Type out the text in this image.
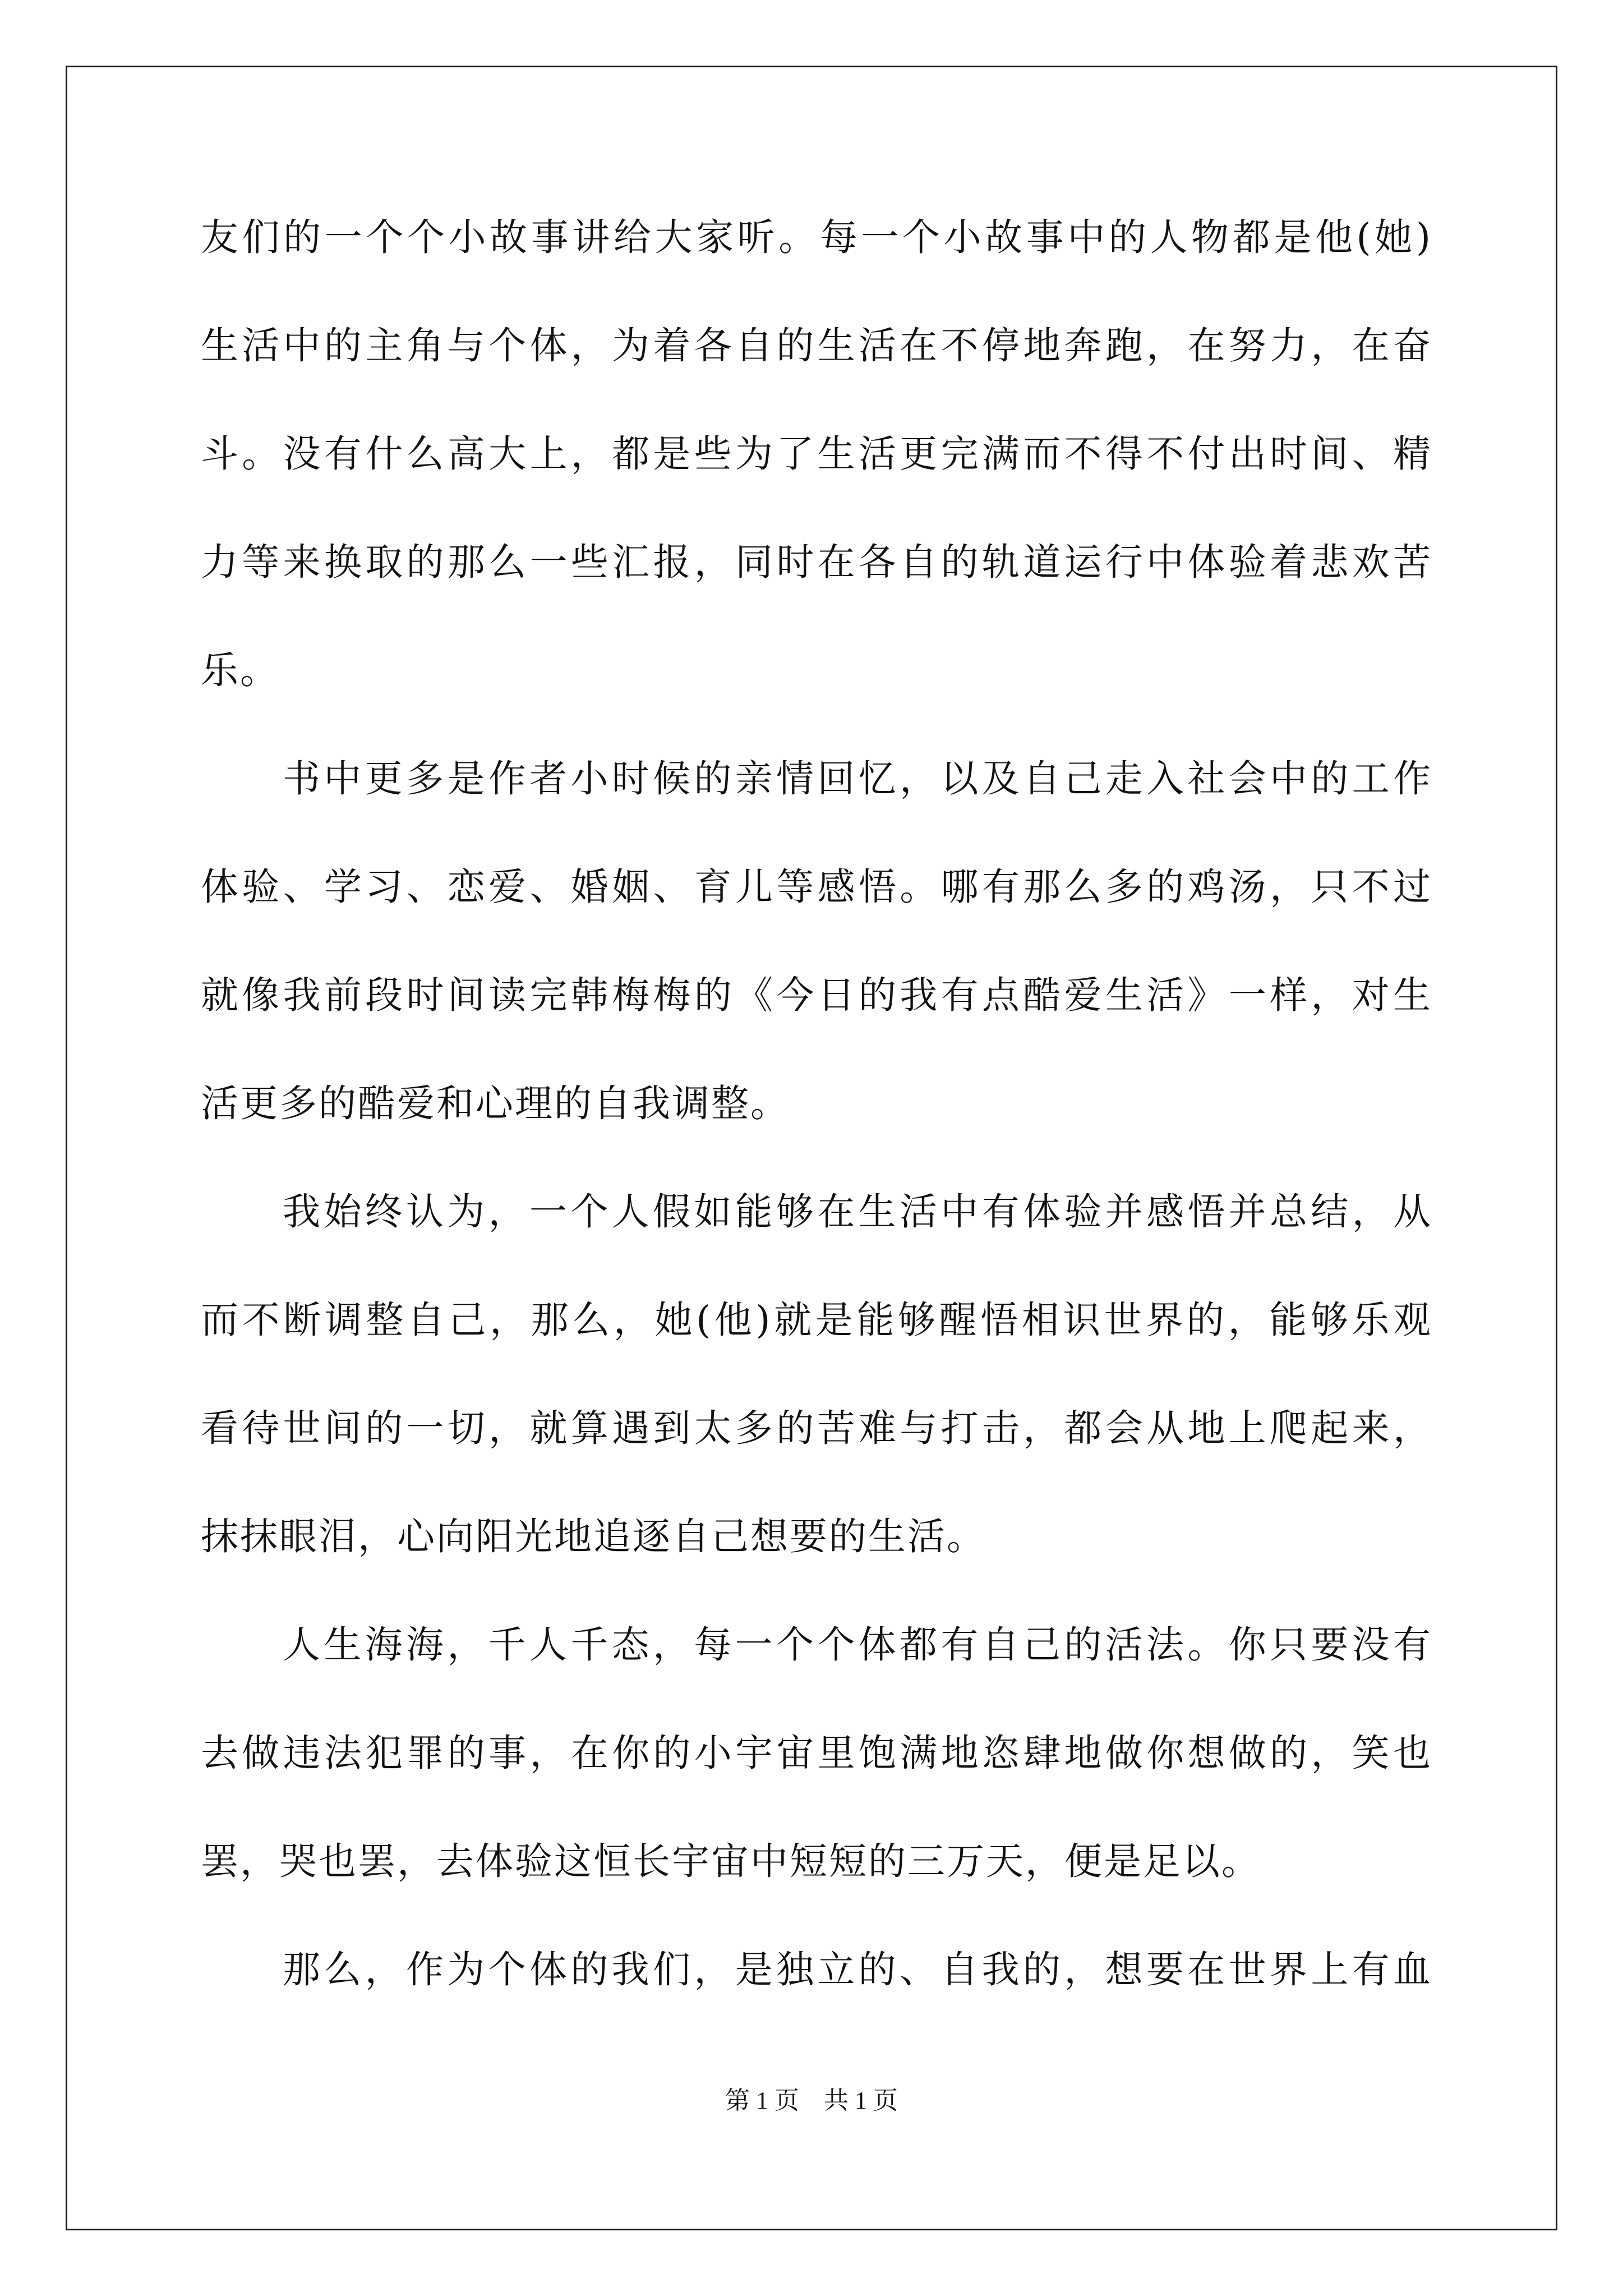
友们的一个个小故事讲给大家听。每一个小故事中的人物都是他(她)
生活中的主角与个体，为着各自的生活在不停地奔跑，在努力，在奋
斗。没有什么高大上，都是些为了生活更完满而不得不付出时间、精
力等来换取的那么一些汇报，同时在各自的轨道运行中体验着悲欢苦
乐。
书中更多是作者小时候的亲情回忆，以及自己走入社会中的工作
体验、学习、恋爱、婚姻、育儿等感悟。哪有那么多的鸡汤，只不过
就像我前段时间读完韩梅梅的《今日的我有点酷爱生活》一样，对生
活更多的酷爱和心理的自我调整。
我始终认为，一个人假如能够在生活中有体验并感悟并总结，从
而不断调整自己，那么，她(他)就是能够醒悟相识世界的，能够乐观
看待世间的一切，就算遇到太多的苦难与打击，都会从地上爬起来，
抹抹眼泪，心向阳光地追逐自己想要的生活。
人生海海，千人千态，每一个个体都有自己的活法。你只要没有
去做违法犯罪的事，在你的小宇宙里饱满地恣肆地做你想做的，笑也
罢，哭也罢，去体验这恒长宇宙中短短的三万天，便是足以。
那么，作为个体的我们，是独立的、自我的，想要在世界上有血
第 1 页    共 1 页
